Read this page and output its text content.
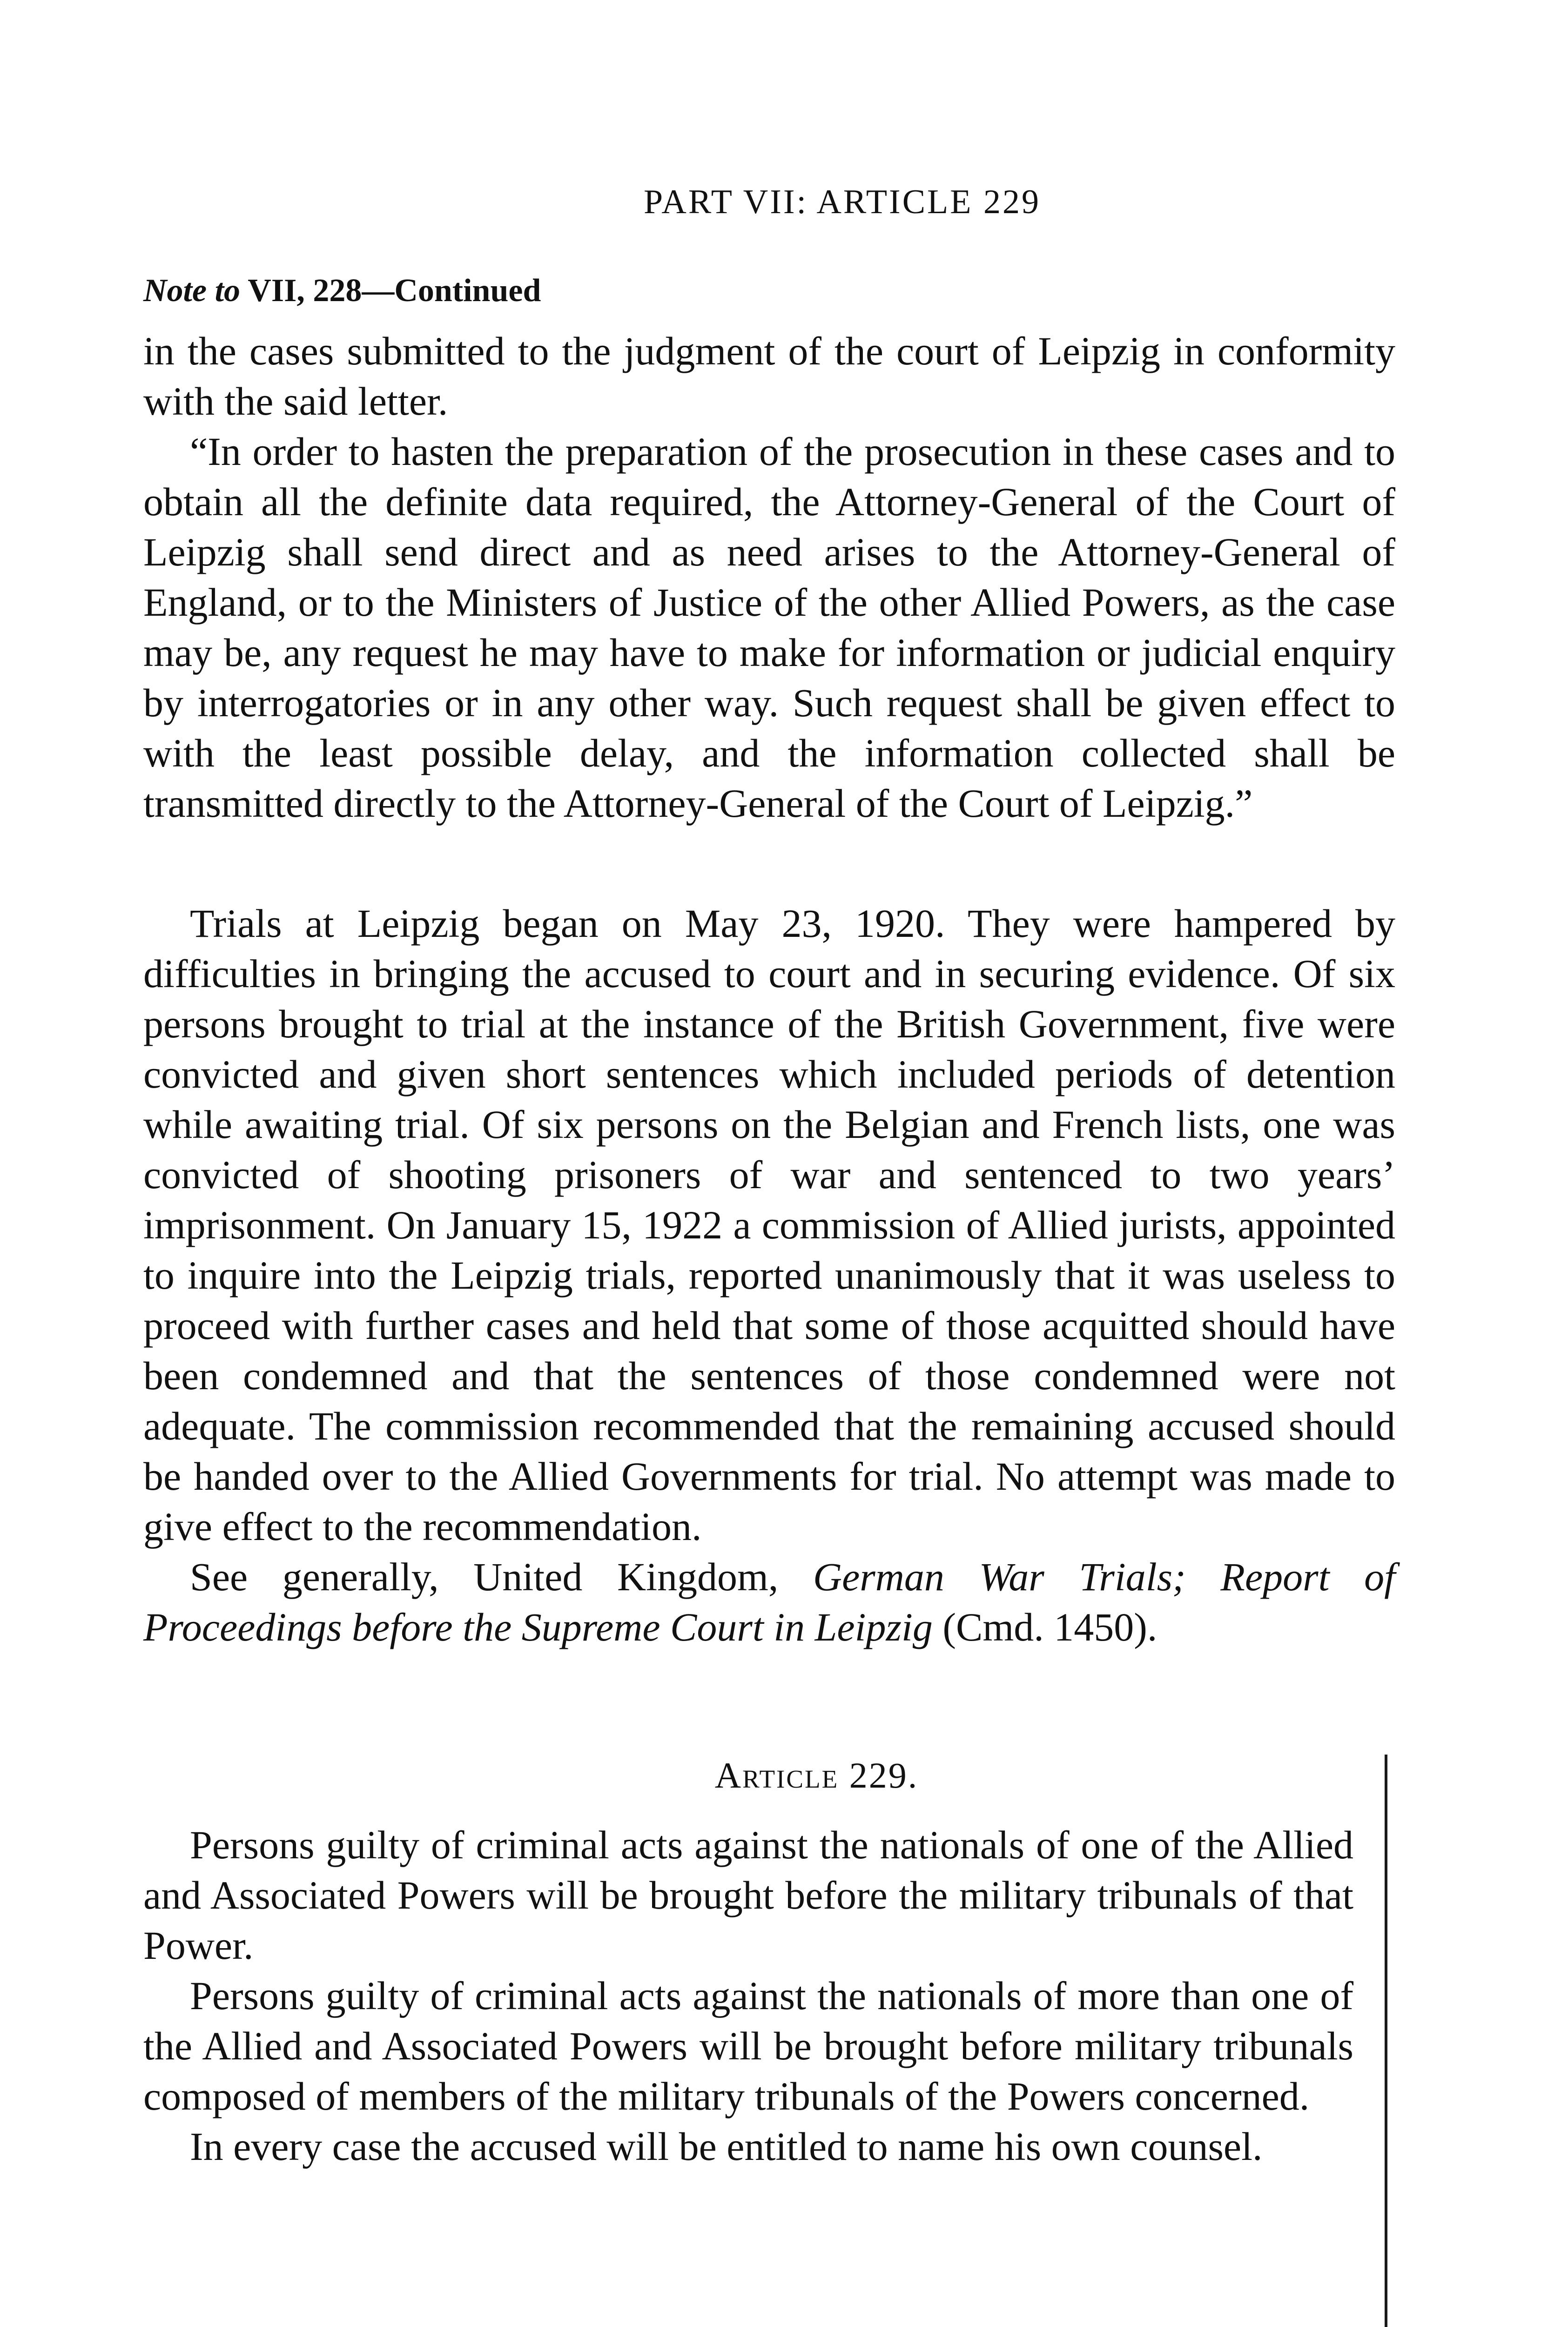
PART VII: ARTICLE 229
Note to VII, 228—Continued

in the cases submitted to the judgment of the court of Leipzig in conformity with the said letter.

“In order to hasten the preparation of the prosecution in these cases and to obtain all the definite data required, the Attorney-General of the Court of Leipzig shall send direct and as need arises to the Attorney-General of England, or to the Ministers of Justice of the other Allied Powers, as the case may be, any request he may have to make for information or judicial enquiry by interrogatories or in any other way. Such request shall be given effect to with the least possible delay, and the information collected shall be transmitted directly to the Attorney-General of the Court of Leipzig.”

Trials at Leipzig began on May 23, 1920. They were hampered by difficulties in bringing the accused to court and in securing evidence. Of six persons brought to trial at the instance of the British Government, five were convicted and given short sentences which included periods of detention while awaiting trial. Of six persons on the Belgian and French lists, one was convicted of shooting prisoners of war and sentenced to two years’ imprisonment. On January 15, 1922 a commission of Allied jurists, appointed to inquire into the Leipzig trials, reported unanimously that it was useless to proceed with further cases and held that some of those acquitted should have been condemned and that the sentences of those condemned were not adequate. The commission recommended that the remaining accused should be handed over to the Allied Governments for trial. No attempt was made to give effect to the recommendation.

See generally, United Kingdom, German War Trials; Report of Proceedings before the Supreme Court in Leipzig (Cmd. 1450).

Article 229.

Persons guilty of criminal acts against the nationals of one of the Allied and Associated Powers will be brought before the military tribunals of that Power.

Persons guilty of criminal acts against the nationals of more than one of the Allied and Associated Powers will be brought before military tribunals composed of members of the military tribunals of the Powers concerned.

In every case the accused will be entitled to name his own counsel.
